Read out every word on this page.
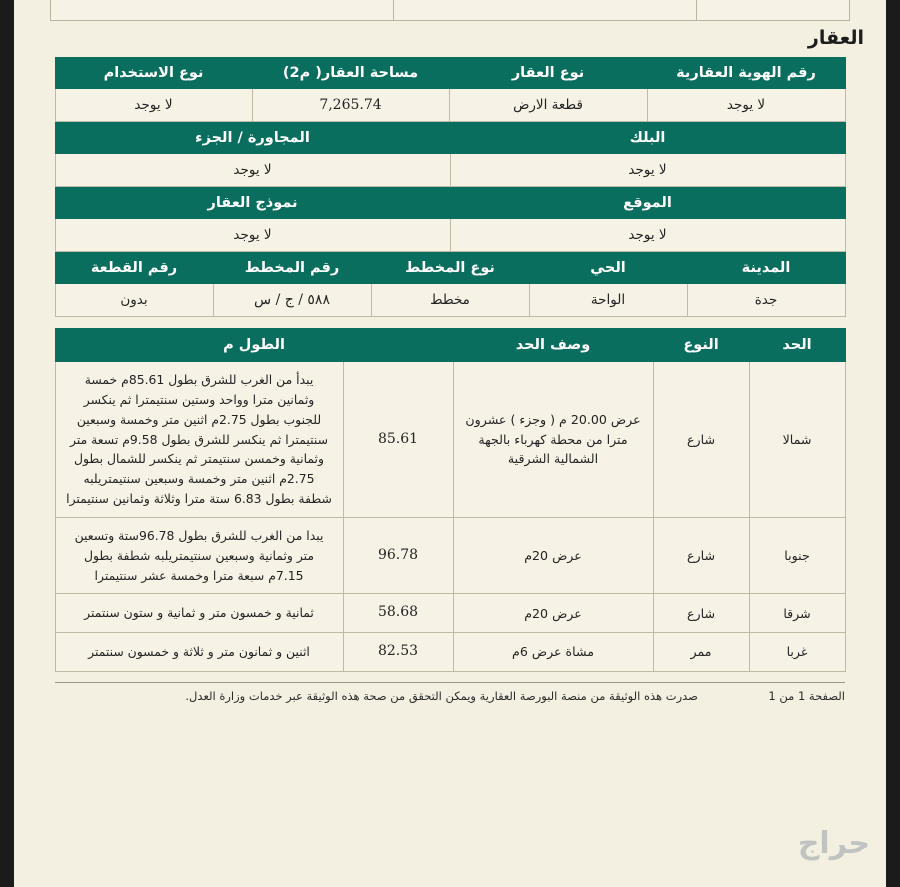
العقار
رقم الهوية العقارية	نوع العقار	مساحة العقار( م2)	نوع الاستخدام
لا يوجد	قطعة الارض	7,265.74	لا يوجد
البلك	المجاورة / الجزء
لا يوجد	لا يوجد
الموقع	نموذج العقار
لا يوجد	لا يوجد
المدينة	الحي	نوع المخطط	رقم المخطط	رقم القطعة
جدة	الواحة	مخطط	٥٨٨ / ج / س	بدون
الحد	النوع	وصف الحد	الطول م	
شمالا	شارع	عرض 20.00 م ( وجزء ) عشرون مترا من محطة كهرباء بالجهة الشمالية الشرقية	85.61	يبدأ من الغرب للشرق بطول 85.61م خمسة وثمانين مترا وواحد وستين سنتيمترا ثم ينكسر للجنوب بطول 2.75م اثنين متر وخمسة وسبعين سنتيمترا ثم ينكسر للشرق بطول 9.58م تسعة متر وثمانية وخمسن سنتيمتر ثم ينكسر للشمال بطول 2.75م اثنين متر وخمسة وسبعين سنتيمتريلبه شطفة بطول 6.83 ستة مترا وثلاثة وثمانين سنتيمترا
جنوبا	شارع	عرض 20م	96.78	يبدا من الغرب للشرق بطول 96.78ستة وتسعين متر وثمانية وسبعين سنتيمتريلبه شطفة بطول 7.15م سبعة مترا وخمسة عشر سنتيمترا
شرقا	شارع	عرض 20م	58.68	ثمانية و خمسون متر و ثمانية و ستون سنتمتر
غربا	ممر	مشاة عرض 6م	82.53	اثنين و ثمانون متر و ثلاثة و خمسون سنتمتر
الصفحة 1 من 1
صدرت هذه الوثيقة من منصة البورصة العقارية ويمكن التحقق من صحة هذه الوثيقة عبر خدمات وزارة العدل.
حراج
